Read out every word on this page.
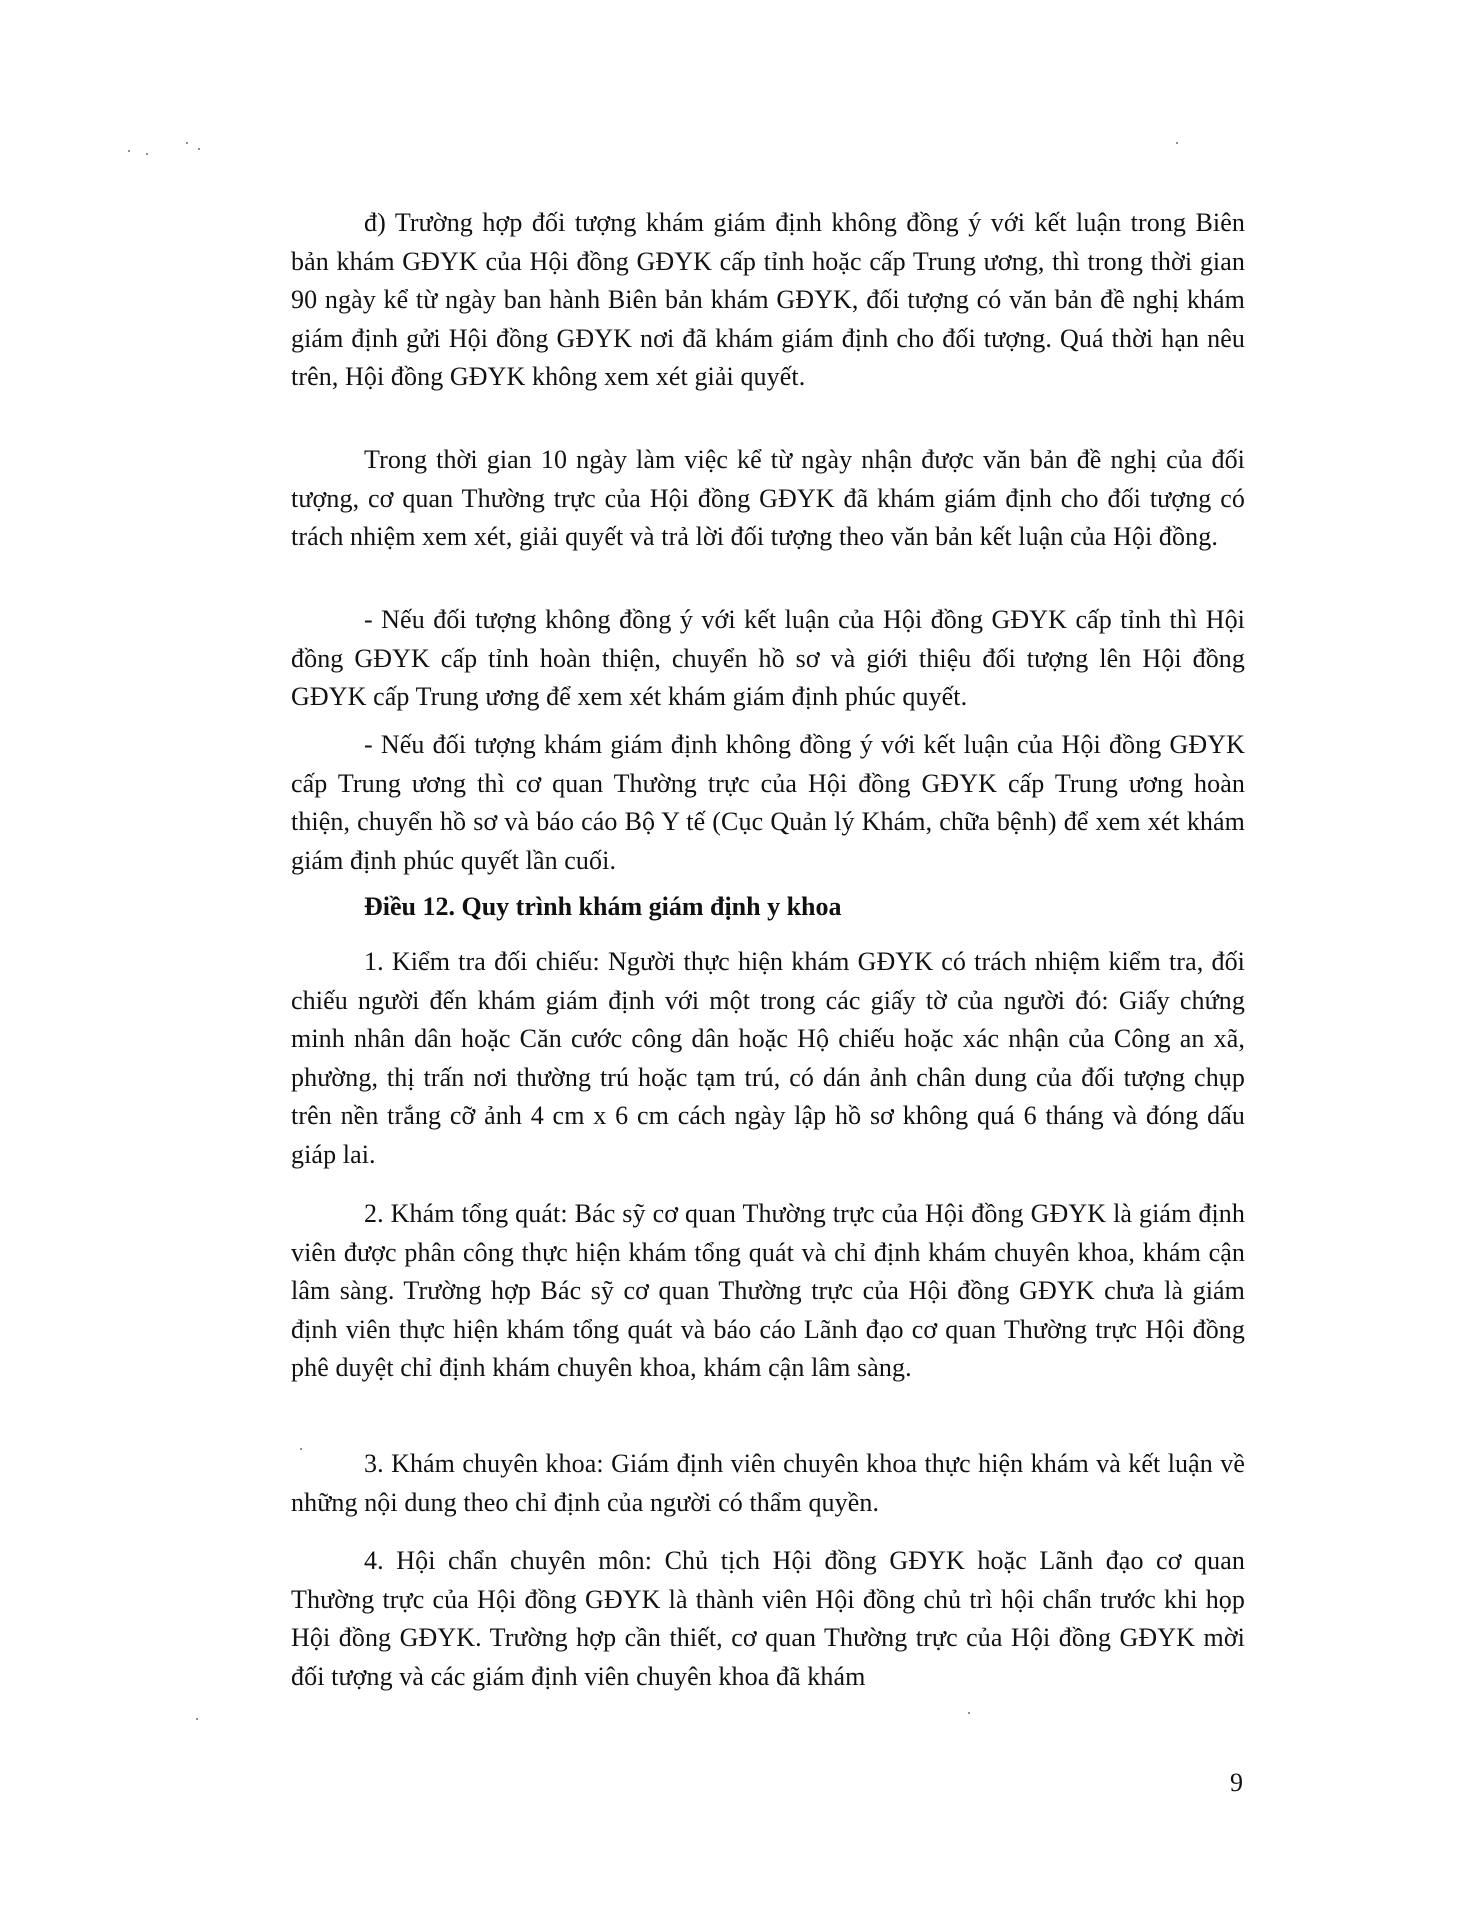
đ) Trường hợp đối tượng khám giám định không đồng ý với kết luận trong Biên bản khám GĐYK của Hội đồng GĐYK cấp tỉnh hoặc cấp Trung ương, thì trong thời gian 90 ngày kể từ ngày ban hành Biên bản khám GĐYK, đối tượng có văn bản đề nghị khám giám định gửi Hội đồng GĐYK nơi đã khám giám định cho đối tượng. Quá thời hạn nêu trên, Hội đồng GĐYK không xem xét giải quyết.

Trong thời gian 10 ngày làm việc kể từ ngày nhận được văn bản đề nghị của đối tượng, cơ quan Thường trực của Hội đồng GĐYK đã khám giám định cho đối tượng có trách nhiệm xem xét, giải quyết và trả lời đối tượng theo văn bản kết luận của Hội đồng.

- Nếu đối tượng không đồng ý với kết luận của Hội đồng GĐYK cấp tỉnh thì Hội đồng GĐYK cấp tỉnh hoàn thiện, chuyển hồ sơ và giới thiệu đối tượng lên Hội đồng GĐYK cấp Trung ương để xem xét khám giám định phúc quyết.

- Nếu đối tượng khám giám định không đồng ý với kết luận của Hội đồng GĐYK cấp Trung ương thì cơ quan Thường trực của Hội đồng GĐYK cấp Trung ương hoàn thiện, chuyển hồ sơ và báo cáo Bộ Y tế (Cục Quản lý Khám, chữa bệnh) để xem xét khám giám định phúc quyết lần cuối.

Điều 12. Quy trình khám giám định y khoa

1. Kiểm tra đối chiếu: Người thực hiện khám GĐYK có trách nhiệm kiểm tra, đối chiếu người đến khám giám định với một trong các giấy tờ của người đó: Giấy chứng minh nhân dân hoặc Căn cước công dân hoặc Hộ chiếu hoặc xác nhận của Công an xã, phường, thị trấn nơi thường trú hoặc tạm trú, có dán ảnh chân dung của đối tượng chụp trên nền trắng cỡ ảnh 4 cm x 6 cm cách ngày lập hồ sơ không quá 6 tháng và đóng dấu giáp lai.

2. Khám tổng quát: Bác sỹ cơ quan Thường trực của Hội đồng GĐYK là giám định viên được phân công thực hiện khám tổng quát và chỉ định khám chuyên khoa, khám cận lâm sàng. Trường hợp Bác sỹ cơ quan Thường trực của Hội đồng GĐYK chưa là giám định viên thực hiện khám tổng quát và báo cáo Lãnh đạo cơ quan Thường trực Hội đồng phê duyệt chỉ định khám chuyên khoa, khám cận lâm sàng.

3. Khám chuyên khoa: Giám định viên chuyên khoa thực hiện khám và kết luận về những nội dung theo chỉ định của người có thẩm quyền.

4. Hội chẩn chuyên môn: Chủ tịch Hội đồng GĐYK hoặc Lãnh đạo cơ quan Thường trực của Hội đồng GĐYK là thành viên Hội đồng chủ trì hội chẩn trước khi họp Hội đồng GĐYK. Trường hợp cần thiết, cơ quan Thường trực của Hội đồng GĐYK mời đối tượng và các giám định viên chuyên khoa đã khám

9
